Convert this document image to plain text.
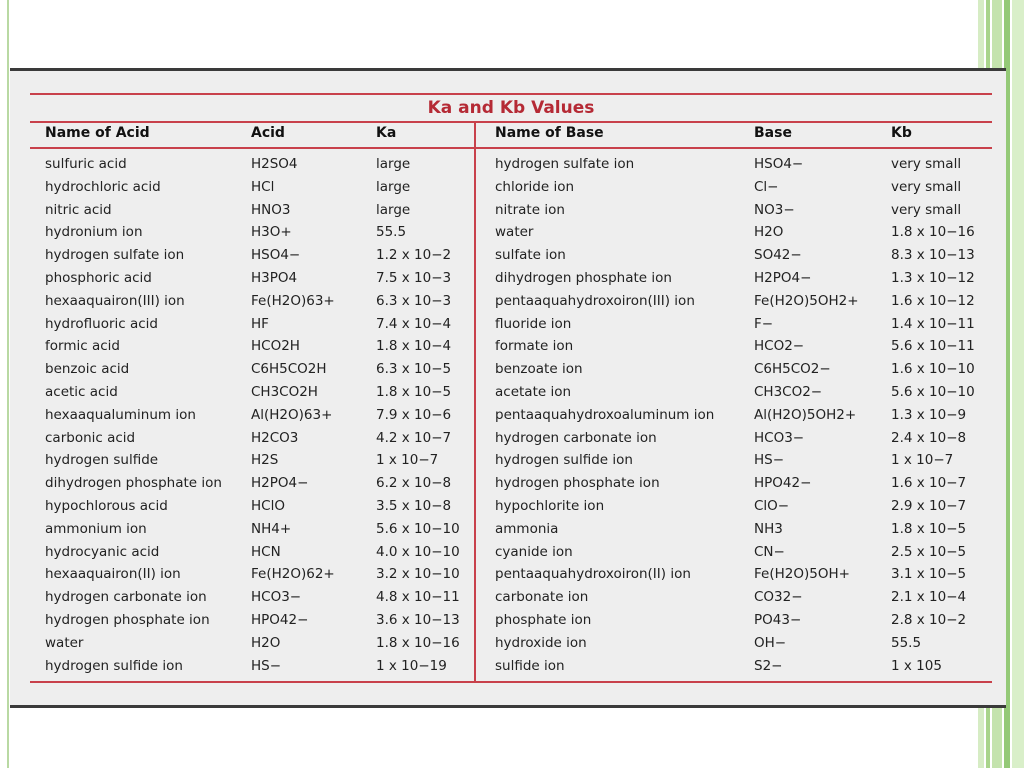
Ka and Kb Values
Name of Acid	Acid	Ka	Name of Base	Base	Kb
sulfuric acid	H2SO4	large	hydrogen sulfate ion	HSO4−	very small
hydrochloric acid	HCl	large	chloride ion	Cl−	very small
nitric acid	HNO3	large	nitrate ion	NO3−	very small
hydronium ion	H3O+	55.5	water	H2O	1.8 x 10−16
hydrogen sulfate ion	HSO4−	1.2 x 10−2	sulfate ion	SO42−	8.3 x 10−13
phosphoric acid	H3PO4	7.5 x 10−3	dihydrogen phosphate ion	H2PO4−	1.3 x 10−12
hexaaquairon(III) ion	Fe(H2O)63+	6.3 x 10−3	pentaaquahydroxoiron(III) ion	Fe(H2O)5OH2+ 1.6 x 10−12
hydrofluoric acid	HF	7.4 x 10−4	fluoride ion	F−	1.4 x 10−11
formic acid	HCO2H	1.8 x 10−4	formate ion	HCO2−	5.6 x 10−11
benzoic acid	C6H5CO2H	6.3 x 10−5	benzoate ion	C6H5CO2−	1.6 x 10−10
acetic acid	CH3CO2H	1.8 x 10−5	acetate ion	CH3CO2−	5.6 x 10−10
hexaaqualuminum ion	Al(H2O)63+	7.9 x 10−6	pentaaquahydroxoaluminum ion	Al(H2O)5OH2+	1.3 x 10−9
carbonic acid	H2CO3	4.2 x 10−7	hydrogen carbonate ion	HCO3−	2.4 x 10−8
hydrogen sulfide	H2S	1 x 10−7	hydrogen sulfide ion	HS−	1 x 10−7
dihydrogen phosphate ion H2PO4−	6.2 x 10−8	hydrogen phosphate ion	HPO42−	1.6 x 10−7
hypochlorous acid	HClO	3.5 x 10−8	hypochlorite ion	ClO−	2.9 x 10−7
ammonium ion	NH4+	5.6 x 10−10	ammonia	NH3	1.8 x 10−5
hydrocyanic acid	HCN	4.0 x 10−10	cyanide ion	CN−	2.5 x 10−5
hexaaquairon(II) ion	Fe(H2O)62+	3.2 x 10−10	pentaaquahydroxoiron(II) ion	Fe(H2O)5OH+	3.1 x 10−5
hydrogen carbonate ion	HCO3−	4.8 x 10−11	carbonate ion	CO32−	2.1 x 10−4
hydrogen phosphate ion	HPO42−	3.6 x 10−13	phosphate ion	PO43−	2.8 x 10−2
water	H2O	1.8 x 10−16	hydroxide ion	OH−	55.5
hydrogen sulfide ion	HS−	1 x 10−19	sulfide ion	S2−	1 x 105
